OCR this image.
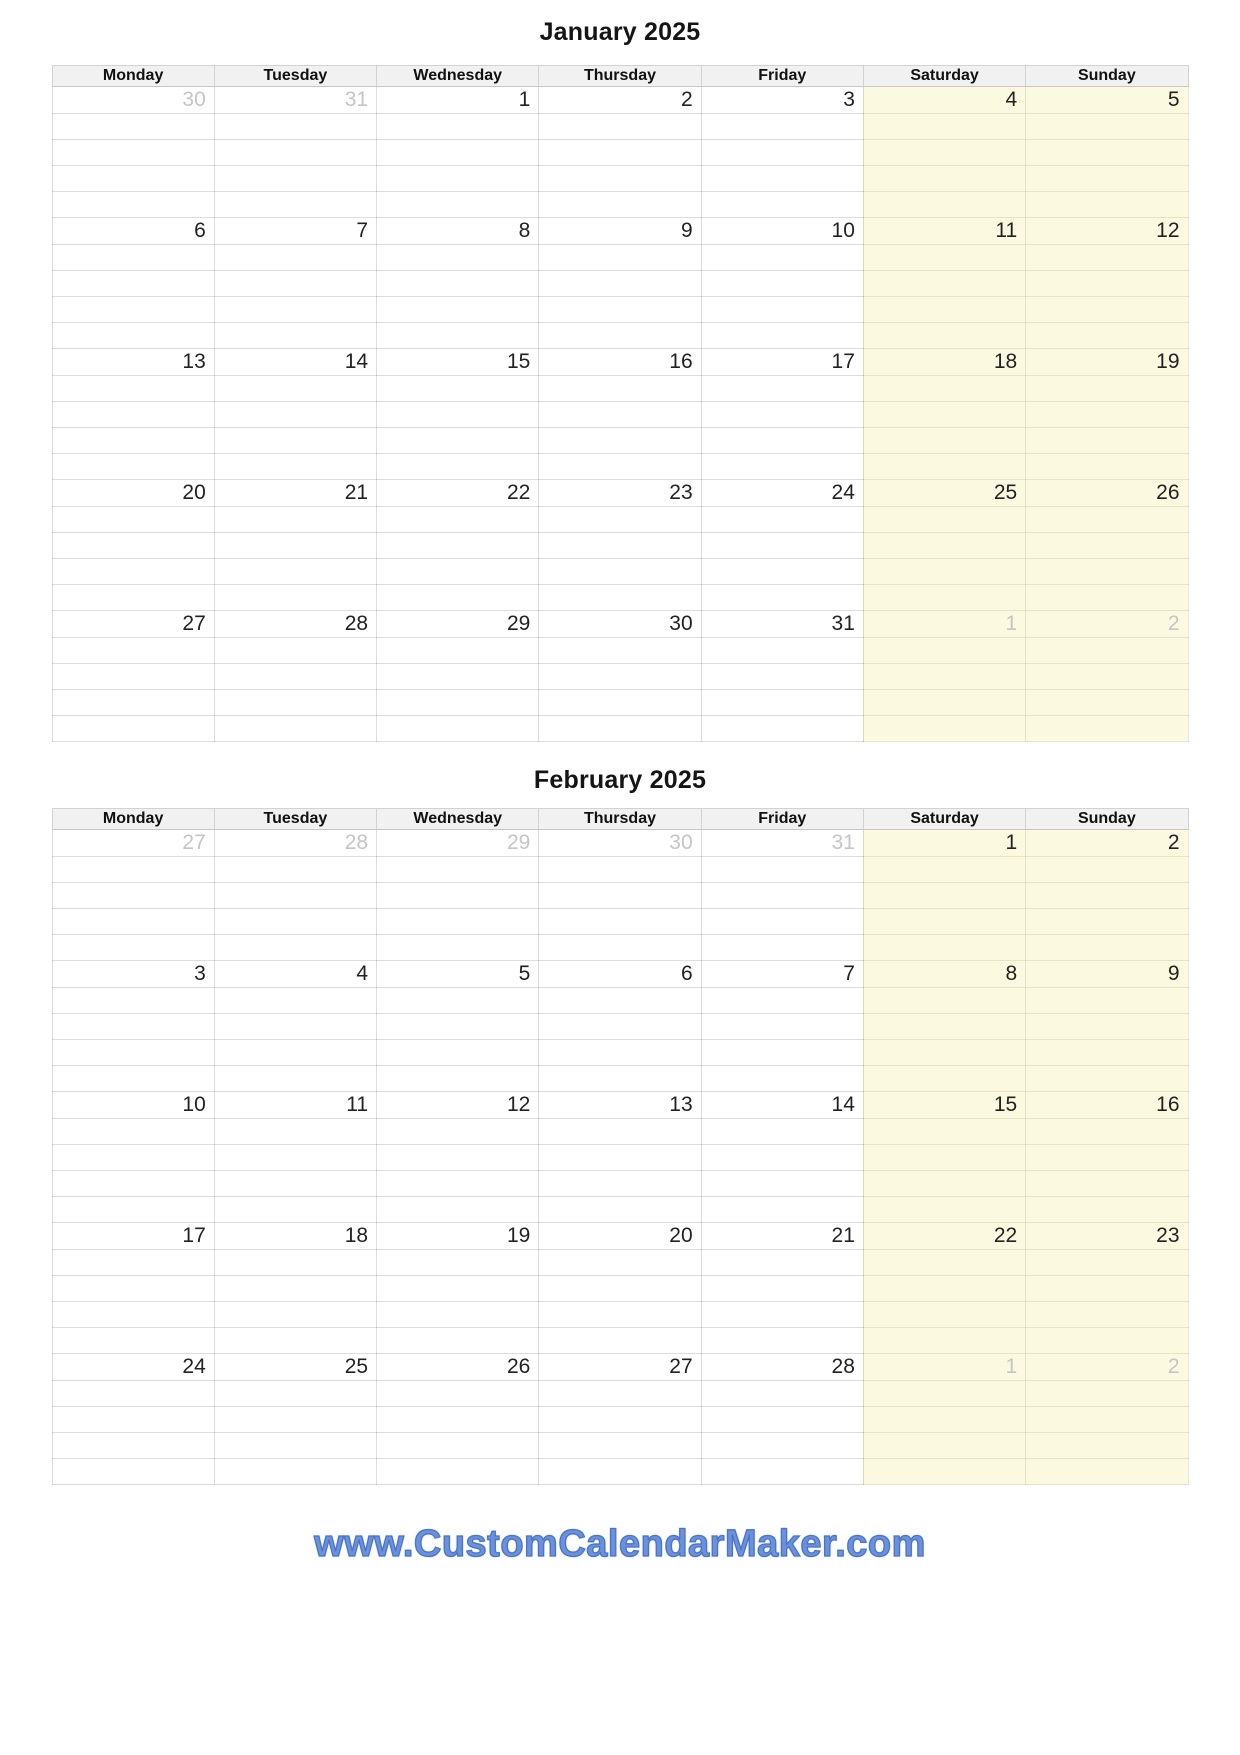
January 2025
Monday	Tuesday	Wednesday	Thursday	Friday	Saturday	Sunday
30	31	1	2	3	4	5

6	7	8	9	10	11	12

13	14	15	16	17	18	19

20	21	22	23	24	25	26

27	28	29	30	31	1	2

February 2025
Monday	Tuesday	Wednesday	Thursday	Friday	Saturday	Sunday
27	28	29	30	31	1	2

3	4	5	6	7	8	9

10	11	12	13	14	15	16

17	18	19	20	21	22	23

24	25	26	27	28	1	2

www.CustomCalendarMaker.com
